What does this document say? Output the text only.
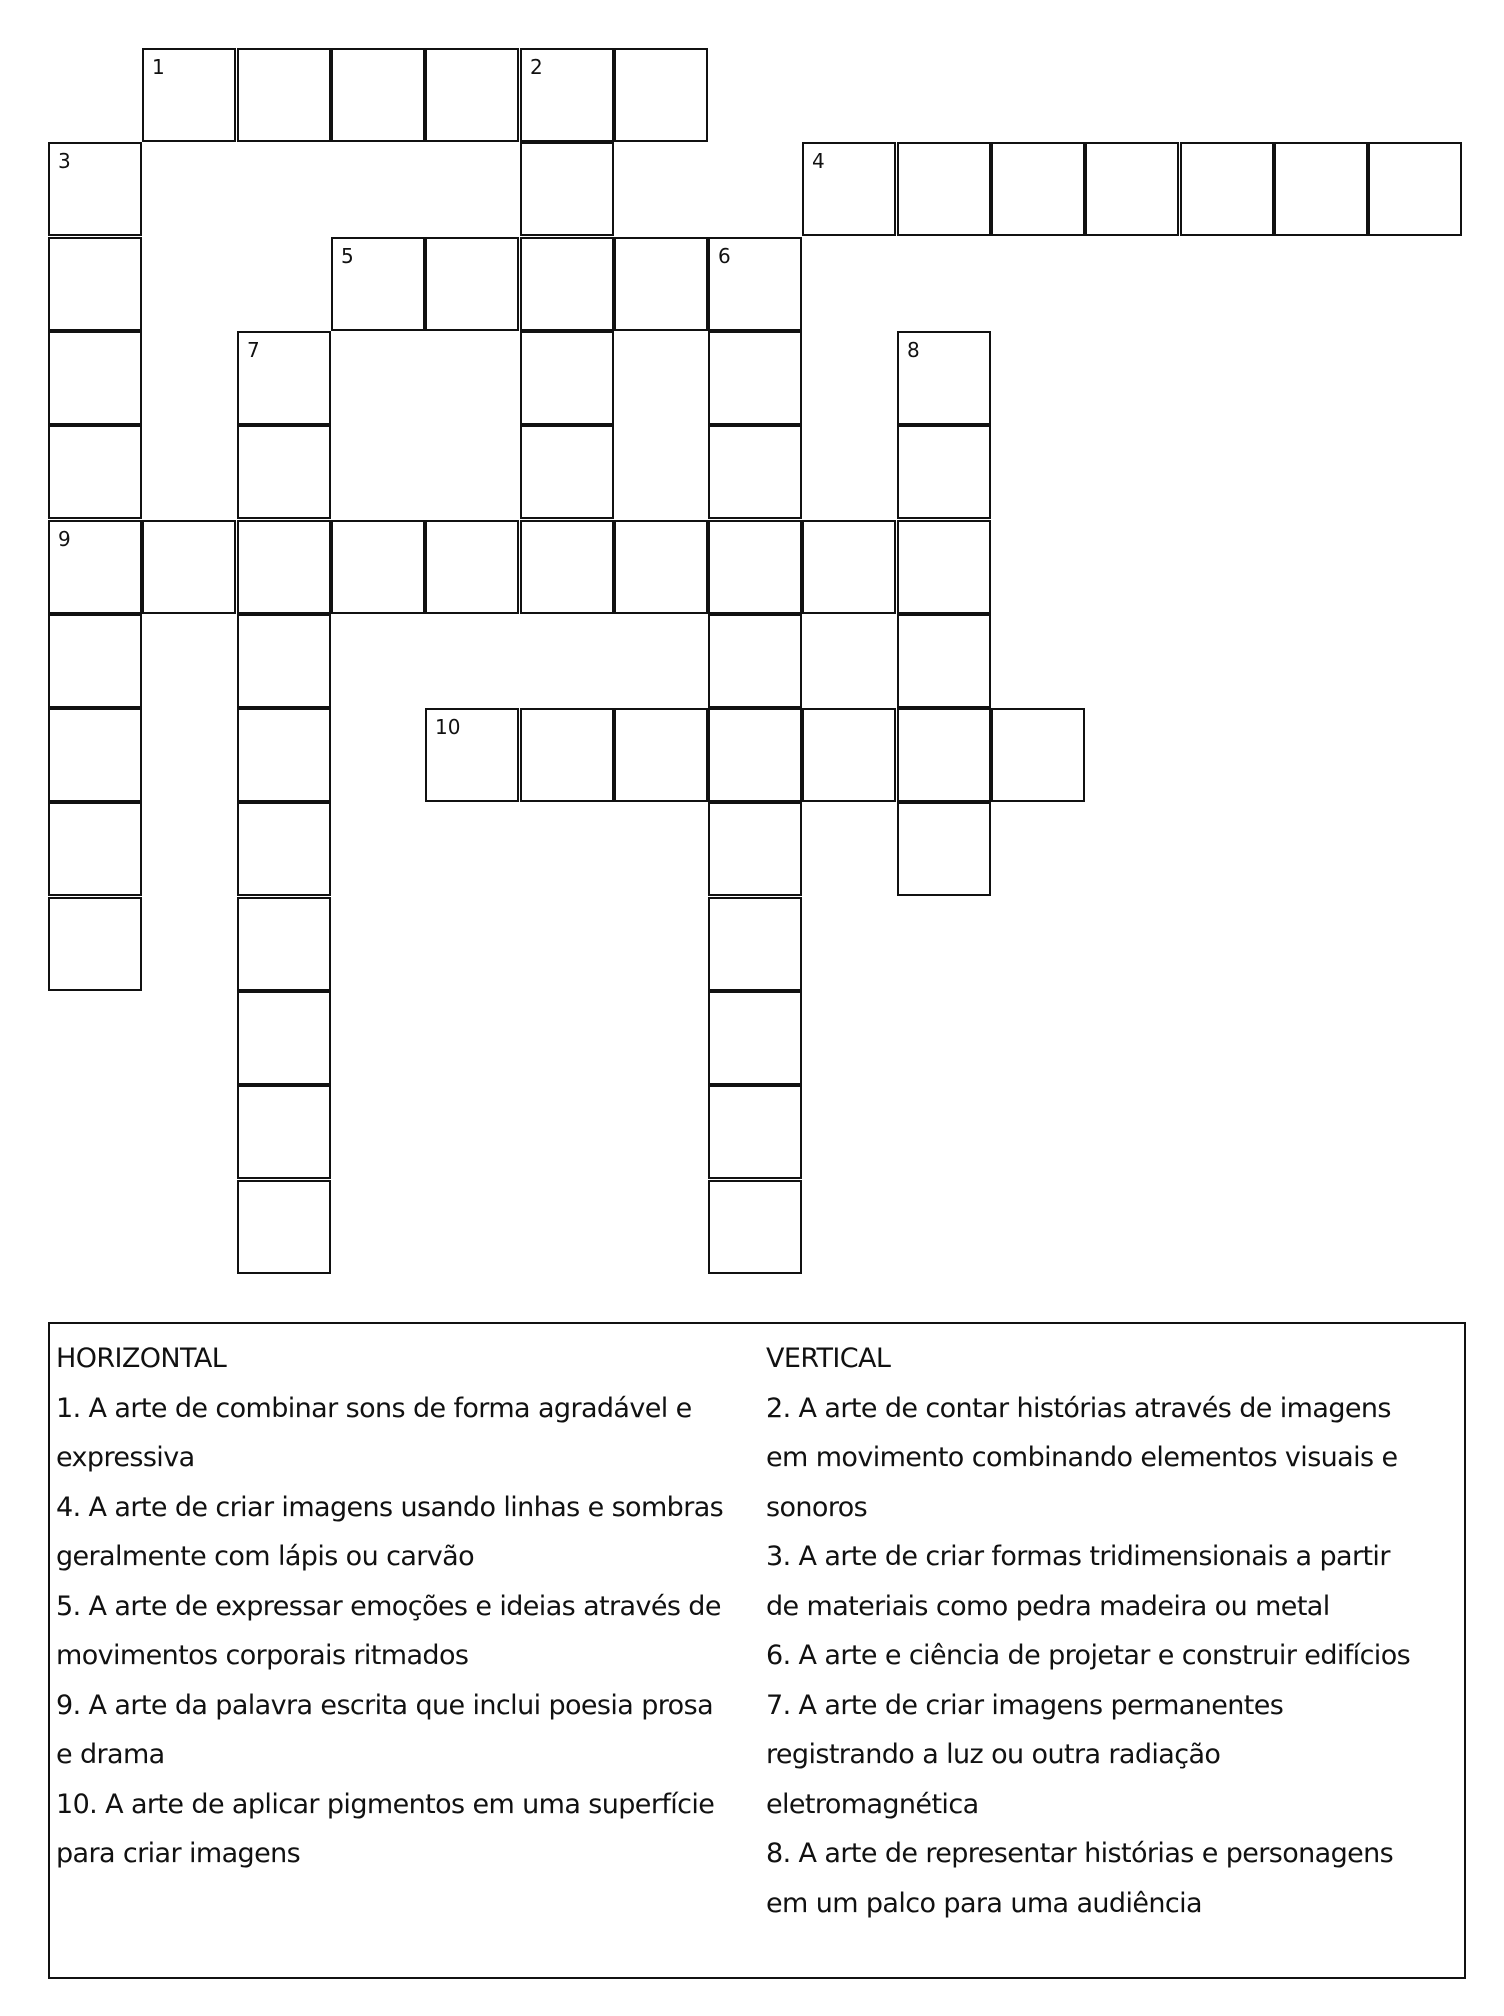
1	2
3
9
4
5	6
7	8
10
HORIZONTAL
1. A arte de combinar sons de forma agradável e
expressiva
4. A arte de criar imagens usando linhas e sombras
geralmente com lápis ou carvão
5. A arte de expressar emoções e ideias através de
movimentos corporais ritmados
9. A arte da palavra escrita que inclui poesia prosa
e drama
10. A arte de aplicar pigmentos em uma superfície
para criar imagens
VERTICAL
2. A arte de contar histórias através de imagens
em movimento combinando elementos visuais e
sonoros
3. A arte de criar formas tridimensionais a partir
de materiais como pedra madeira ou metal
6. A arte e ciência de projetar e construir edifícios
7. A arte de criar imagens permanentes
registrando a luz ou outra radiação
eletromagnética
8. A arte de representar histórias e personagens
em um palco para uma audiência
